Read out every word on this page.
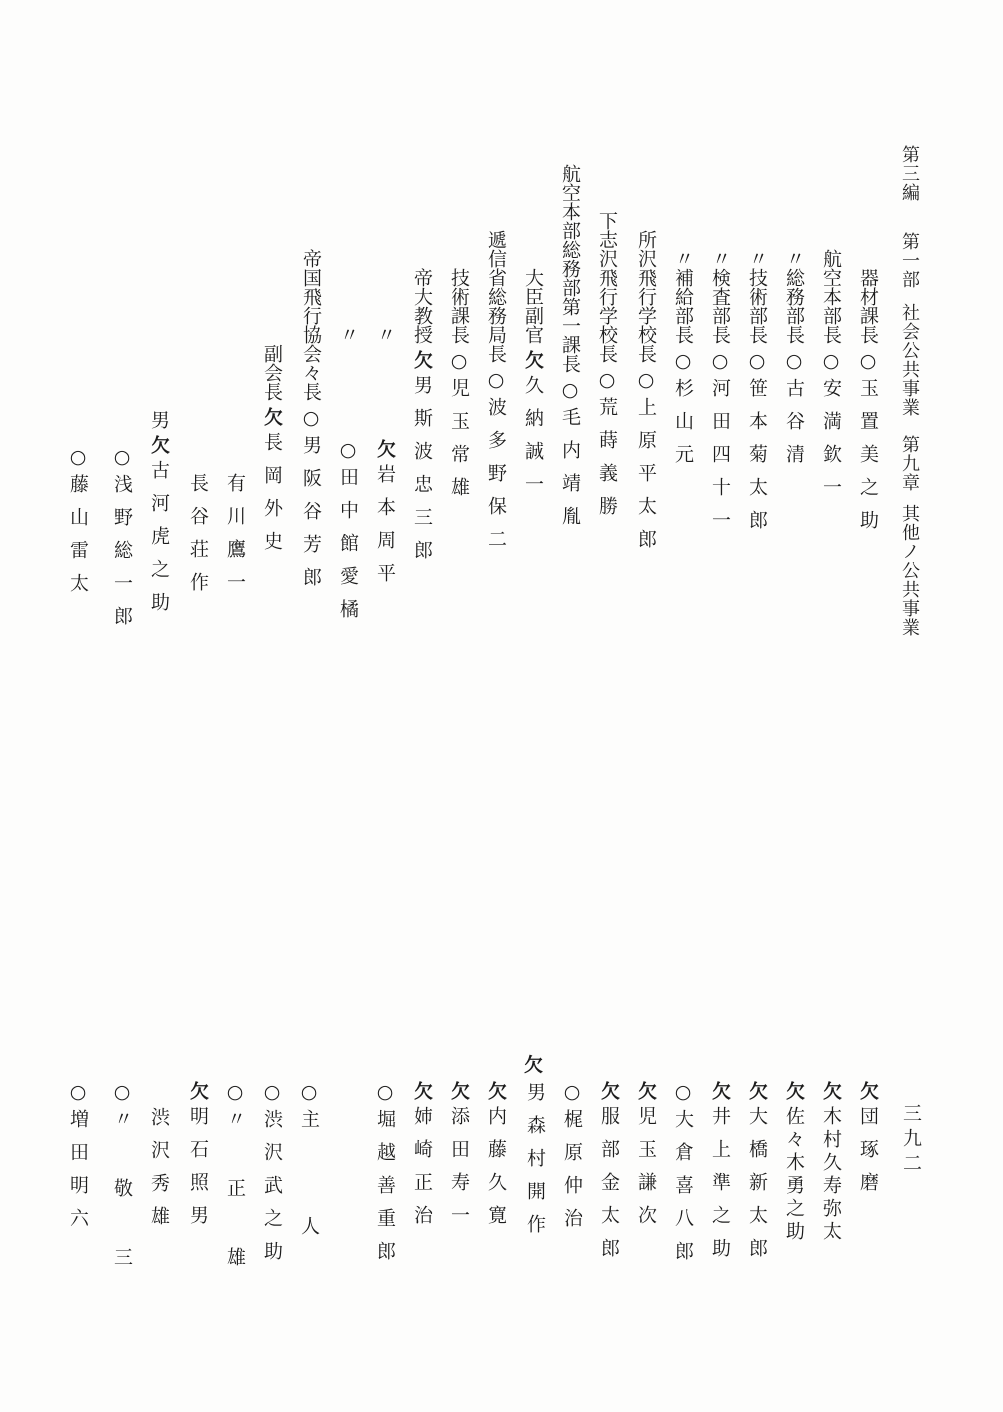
第三編第一部社会公共事業第九章其他ノ公共事業
三九二
器材課長○玉置美之助
航空本部長○安満欽一
〃総務部長○古谷清
〃技術部長○笹本菊太郎
〃検査部長○河田四十一
〃補給部長○杉山元
所沢飛行学校長○上原平太郎
下志沢飛行学校長○荒蒔義勝
航空本部総務部第一課長○毛内靖胤
大臣副官欠久納誠一
遞信省総務局長○波多野保二
技術課長○児玉常雄
帝大教授欠男斯波忠三郎
〃欠岩本周平
〃○田中館愛橘
帝国飛行協会々長○男阪谷芳郎
副会長欠長岡外史
有川鷹一
長谷荘作
男欠古河虎之助
○浅野総一郎
○藤山雷太
欠
欠団琢磨
欠木村久寿弥太
欠佐々木勇之助
欠大橋新太郎
欠井上準之助
○大倉喜八郎
欠児玉謙次
欠服部金太郎
○梶原仲治
男森村開作
欠内藤久寛
欠添田寿一
欠姉崎正治
○堀越善重郎
○主人
○渋沢武之助
○〃正雄
欠明石照男
渋沢秀雄
○〃敬三
○増田明六
